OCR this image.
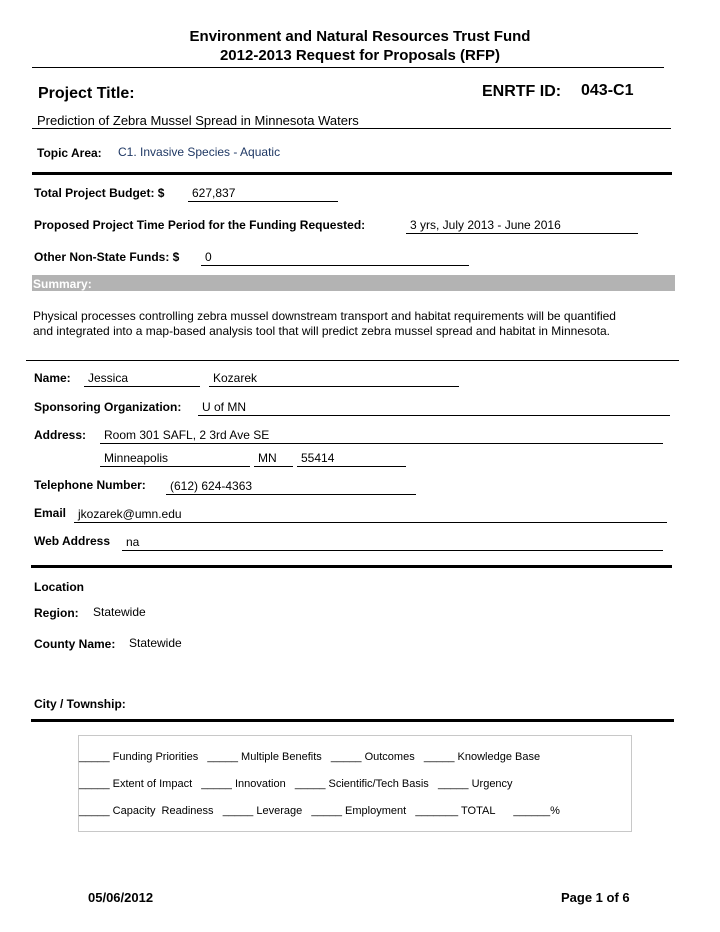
Environment and Natural Resources Trust Fund
2012-2013 Request for Proposals (RFP)
Project Title:	ENRTF ID: 043-C1
Prediction of Zebra Mussel Spread in Minnesota Waters
Topic Area: C1. Invasive Species - Aquatic
Total Project Budget: $	627,837
Proposed Project Time Period for the Funding Requested:	3 yrs, July 2013 - June 2016
Other Non-State Funds: $	0
Summary:
Physical processes controlling zebra mussel downstream transport and habitat requirements will be quantified
and integrated into a map-based analysis tool that will predict zebra mussel spread and habitat in Minnesota.
Name:	Jessica	Kozarek
Sponsoring Organization:	U of MN
Address:	Room 301 SAFL, 2 3rd Ave SE
Minneapolis	MN	55414
Telephone Number:	(612) 624-4363
Email jkozarek@umn.edu
Web Address	na
Location
Region: Statewide
County Name: Statewide
City / Township:
_____ Funding Priorities   _____ Multiple Benefits   _____ Outcomes   _____ Knowledge Base
_____ Extent of Impact   _____ Innovation   _____ Scientific/Tech Basis   _____ Urgency
_____ Capacity  Readiness   _____ Leverage   _____ Employment   _______ TOTAL      ______%
05/06/2012	Page 1 of 6
